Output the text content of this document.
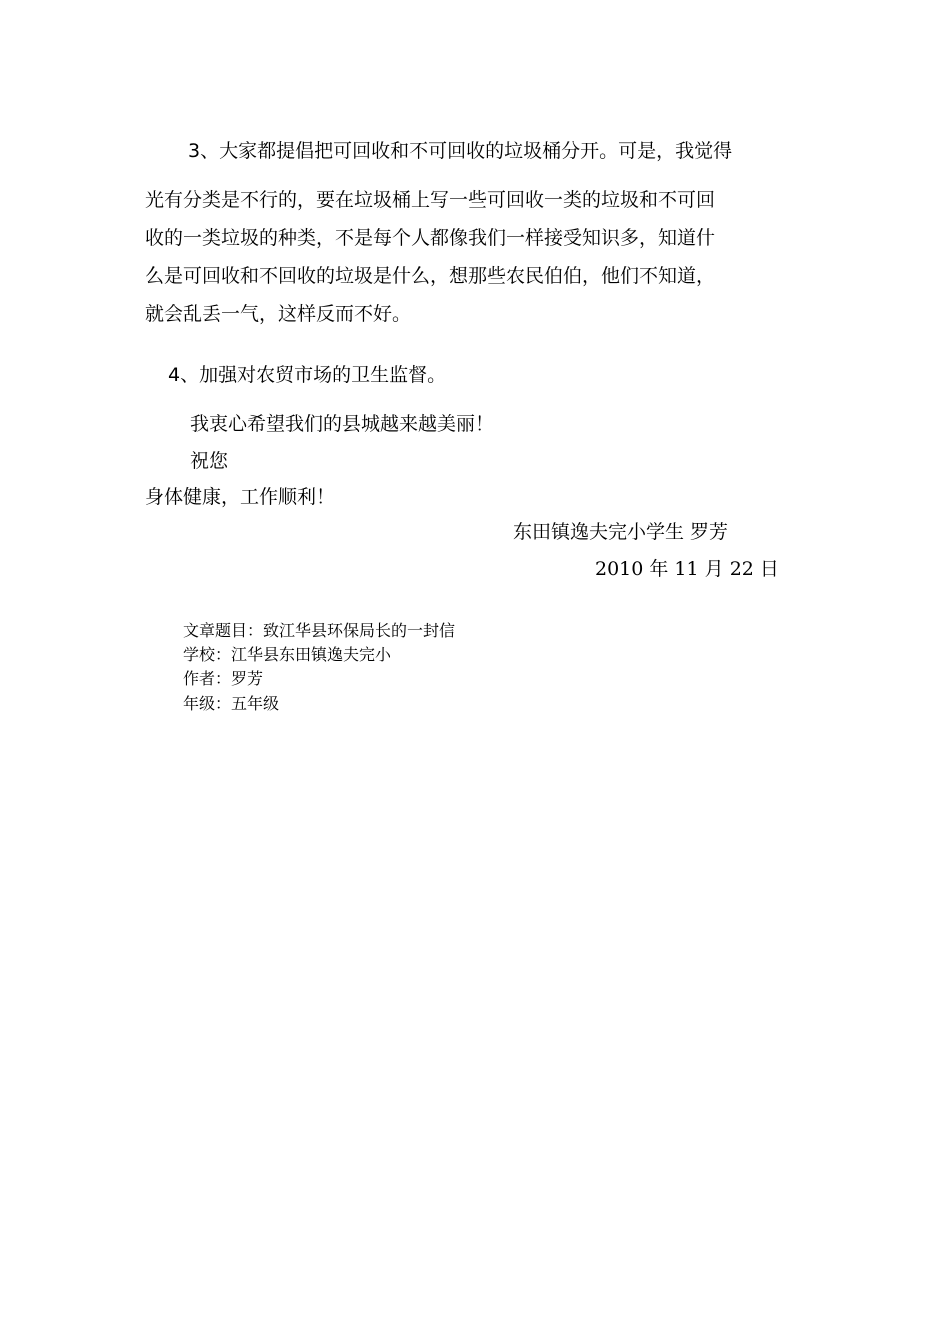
3、大家都提倡把可回收和不可回收的垃圾桶分开。可是，我觉得
光有分类是不行的，要在垃圾桶上写一些可回收一类的垃圾和不可回
收的一类垃圾的种类，不是每个人都像我们一样接受知识多，知道什
么是可回收和不回收的垃圾是什么，想那些农民伯伯，他们不知道，
就会乱丢一气，这样反而不好。
4、加强对农贸市场的卫生监督。
我衷心希望我们的县城越来越美丽！
祝您
身体健康，工作顺利！
东田镇逸夫完小学生 罗芳
2010 年 11 月 22 日
文章题目：致江华县环保局长的一封信
学校：江华县东田镇逸夫完小
作者：罗芳
年级：五年级
